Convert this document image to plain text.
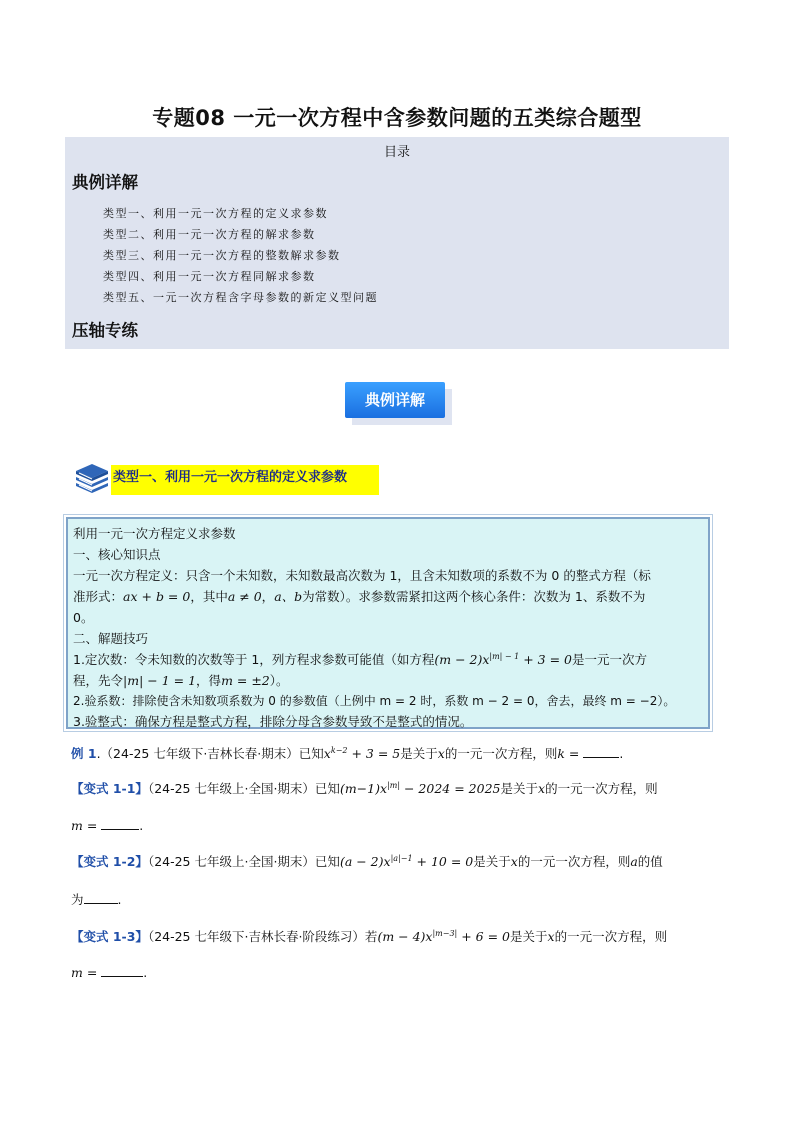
专题08 一元一次方程中含参数问题的五类综合题型
目录
典例详解
类型一、利用一元一次方程的定义求参数
类型二、利用一元一次方程的解求参数
类型三、利用一元一次方程的整数解求参数
类型四、利用一元一次方程同解求参数
类型五、一元一次方程含字母参数的新定义型问题
压轴专练
典例详解
类型一、利用一元一次方程的定义求参数
利用一元一次方程定义求参数
一、核心知识点
一元一次方程定义：只含一个未知数，未知数最高次数为 1，且含未知数项的系数不为 0 的整式方程（标
准形式：ax + b = 0，其中a ≠ 0，a、b为常数）。求参数需紧扣这两个核心条件：次数为 1、系数不为
0。
二、解题技巧
1.定次数：令未知数的次数等于 1，列方程求参数可能值（如方程$(m - 2)x^{|m| - 1} + 3 = 0$是一元一次方
程，先令|m| − 1 = 1，得m = ±2）。
2.验系数：排除使含未知数项系数为 0 的参数值（上例中 m = 2 时，系数 m − 2 = 0，舍去，最终 m = −2）。
3.验整式：确保方程是整式方程，排除分母含参数导致不是整式的情况。
例 1.（24-25 七年级下·吉林长春·期末）已知$x^{k-2} + 3 = 5$是关于x的一元一次方程，则k =	.
【变式 1-1】（24-25 七年级上·全国·期末）已知$(m-1)x^{|m|} - 2024 = 2025$是关于x的一元一次方程，则
m =	.
【变式 1-2】（24-25 七年级上·全国·期末）已知$(a - 2)x^{|a|-1} + 10 = 0$是关于x的一元一次方程，则a的值
为	.
【变式 1-3】（24-25 七年级下·吉林长春·阶段练习）若$(m - 4)x^{|m-3|} + 6 = 0$是关于x的一元一次方程，则
m =	.
